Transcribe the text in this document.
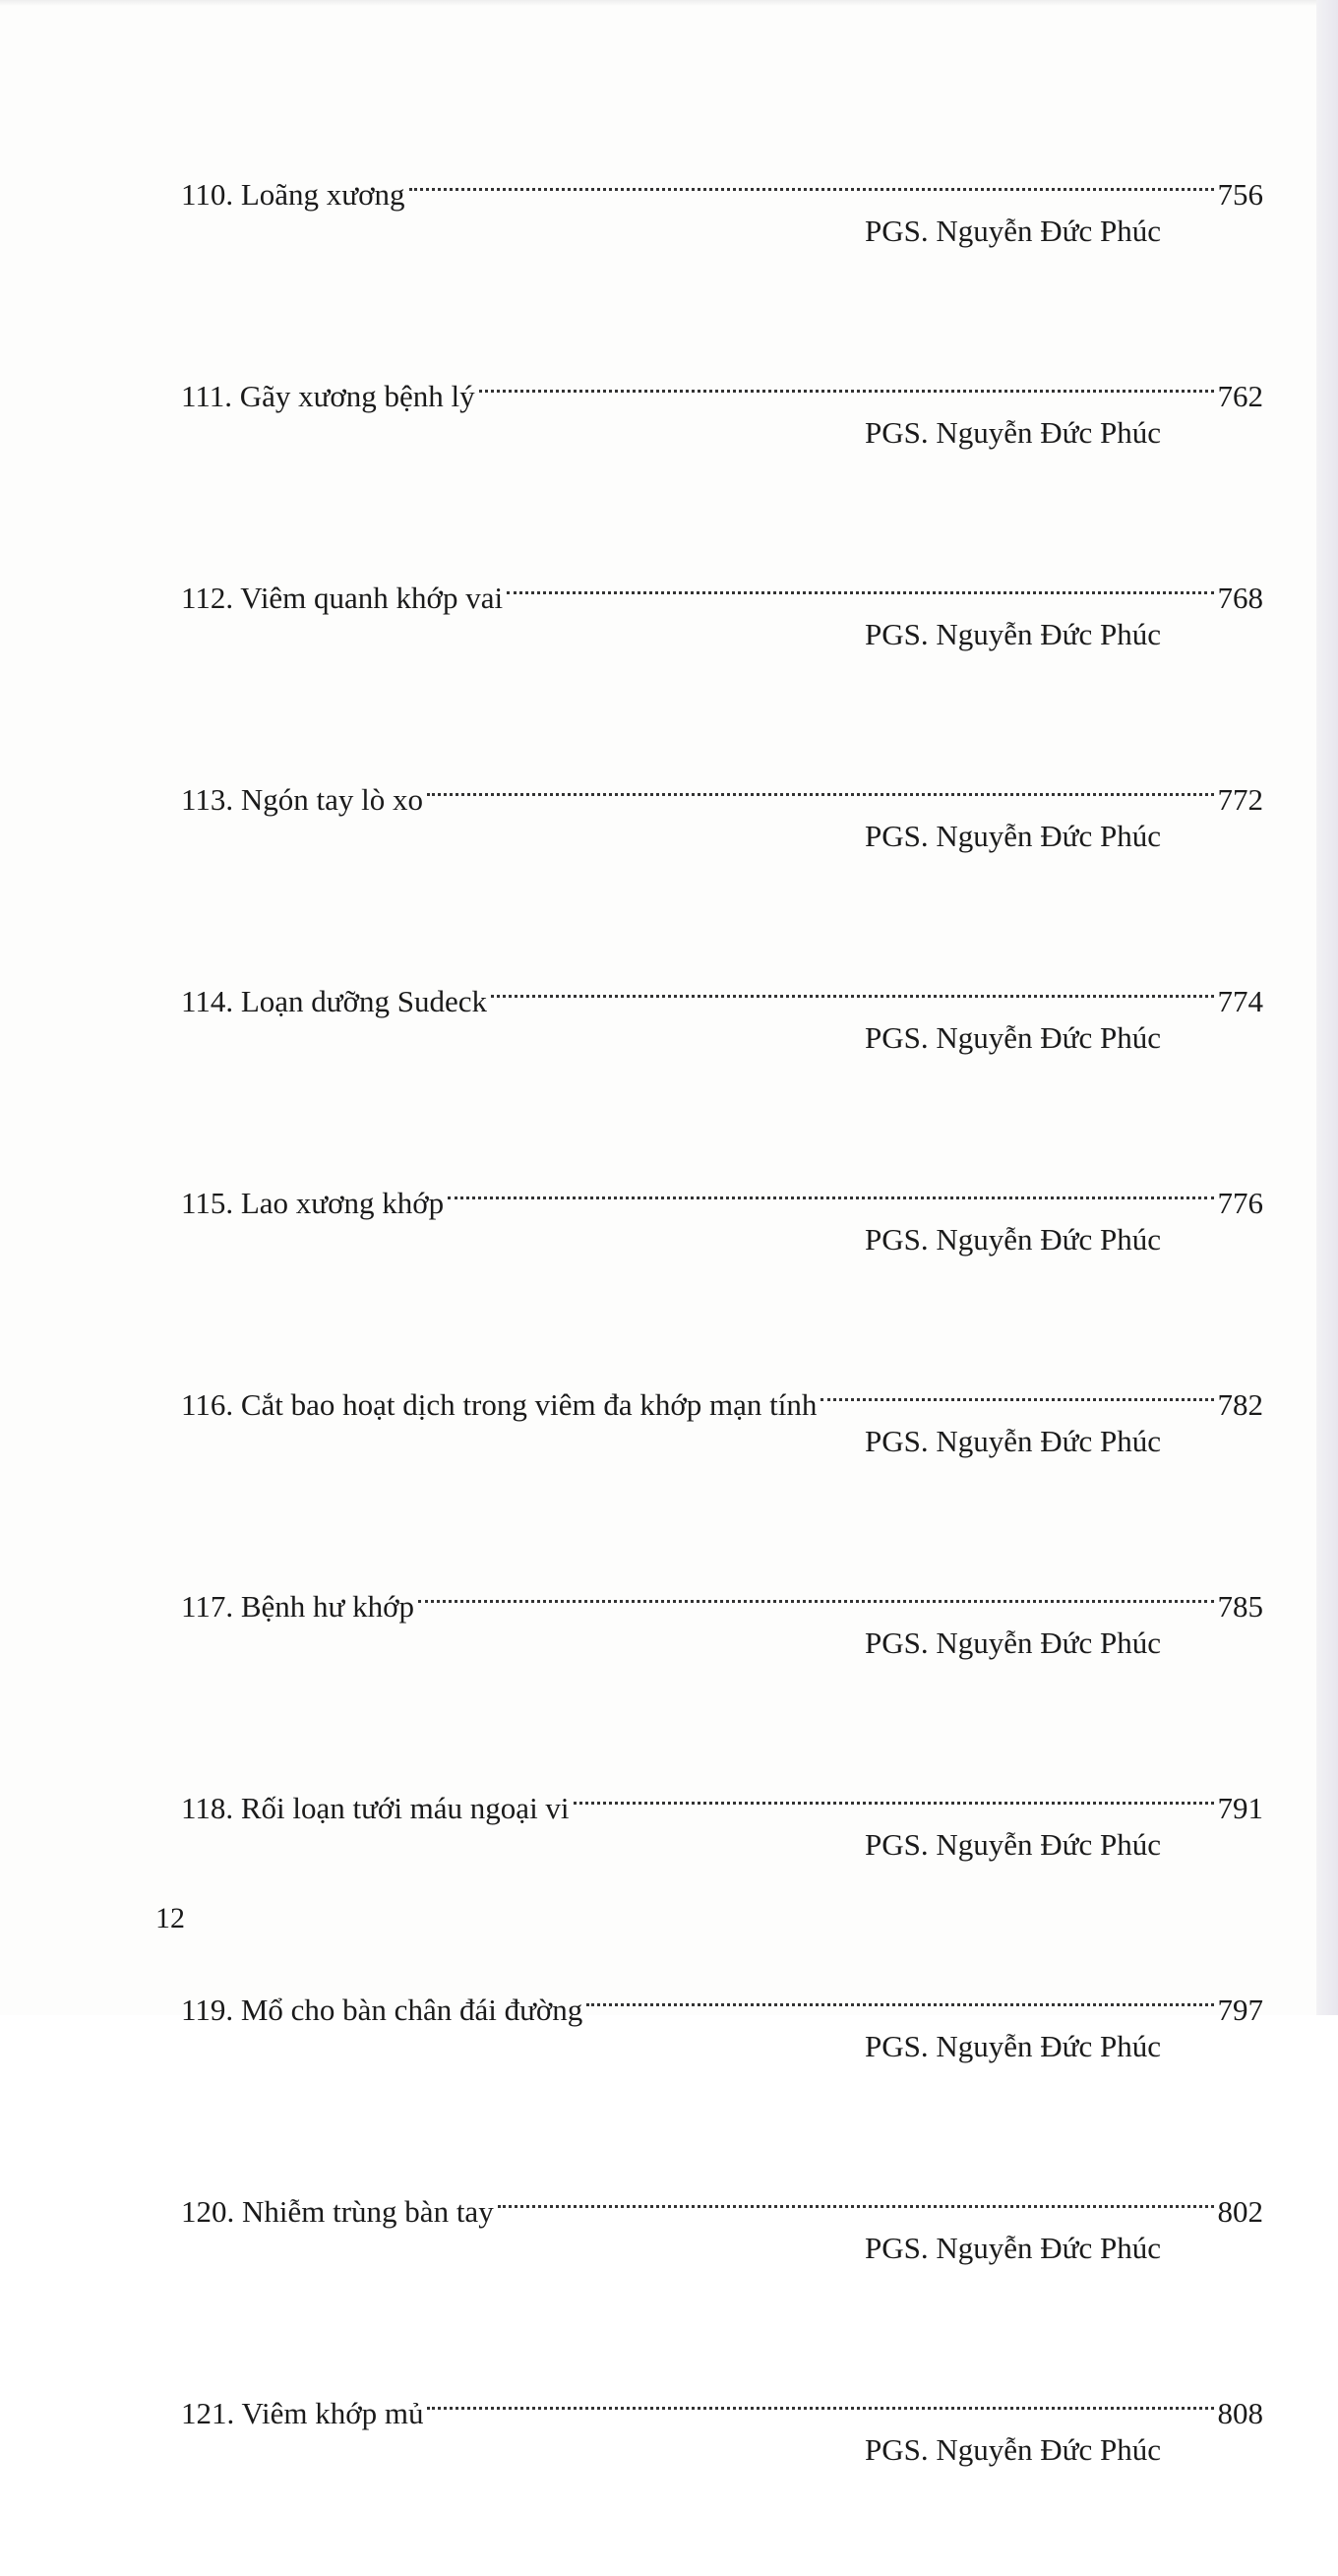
110. Loãng xương	756
PGS. Nguyễn Đức Phúc
111. Gãy xương bệnh lý	762
PGS. Nguyễn Đức Phúc
112. Viêm quanh khớp vai	768
PGS. Nguyễn Đức Phúc
113. Ngón tay lò xo	772
PGS. Nguyễn Đức Phúc
114. Loạn dưỡng Sudeck	774
PGS. Nguyễn Đức Phúc
115. Lao xương khớp	776
PGS. Nguyễn Đức Phúc
116. Cắt bao hoạt dịch trong viêm đa khớp mạn tính	782
PGS. Nguyễn Đức Phúc
117. Bệnh hư khớp	785
PGS. Nguyễn Đức Phúc
118. Rối loạn tưới máu ngoại vi	791
PGS. Nguyễn Đức Phúc
119. Mổ cho bàn chân đái đường	797
PGS. Nguyễn Đức Phúc
120. Nhiễm trùng bàn tay	802
PGS. Nguyễn Đức Phúc
121. Viêm khớp mủ	808
PGS. Nguyễn Đức Phúc
12
